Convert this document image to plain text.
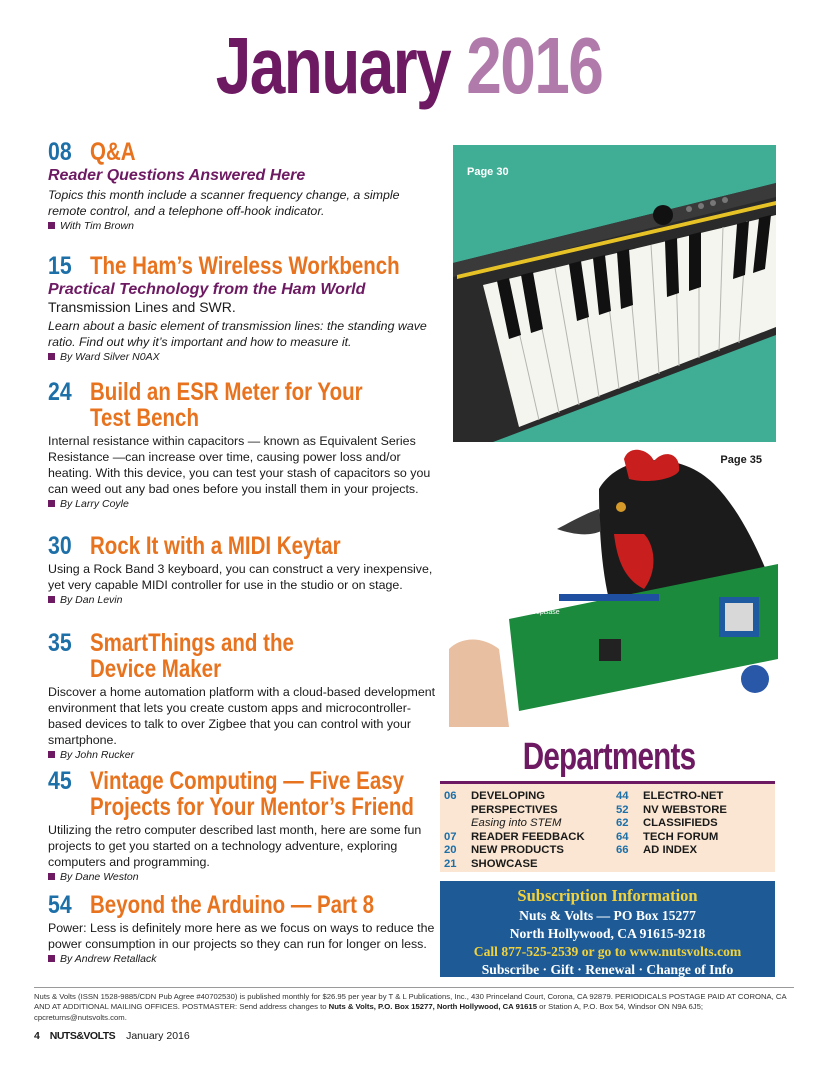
January 2016
08 Q&A
Reader Questions Answered Here
Topics this month include a scanner frequency change, a simple remote control, and a telephone off-hook indicator.
With Tim Brown
15 The Ham’s Wireless Workbench
Practical Technology from the Ham World
Transmission Lines and SWR.
Learn about a basic element of transmission lines: the standing wave ratio. Find out why it’s important and how to measure it.
By Ward Silver N0AX
24 Build an ESR Meter for Your
Test Bench
Internal resistance within capacitors — known as Equivalent Series Resistance —can increase over time, causing power loss and/or heating. With this device, you can test your stash of capacitors so you can weed out any bad ones before you install them in your projects.
By Larry Coyle
30 Rock It with a MIDI Keytar
Using a Rock Band 3 keyboard, you can construct a very inexpensive, yet very capable MIDI controller for use in the studio or on stage.
By Dan Levin
35 SmartThings and the
Device Maker
Discover a home automation platform with a cloud-based development environment that lets you create custom apps and microcontroller-based devices to talk to over Zigbee that you can control with your smartphone.
By John Rucker
45 Vintage Computing — Five Easy
Projects for Your Mentor’s Friend
Utilizing the retro computer described last month, here are some fun projects to get you started on a technology adventure, exploring computers and programming.
By Dane Weston
54 Beyond the Arduino — Part 8
Power: Less is definitely more here as we focus on ways to reduce the power consumption in our projects so they can run for longer on less.
By Andrew Retallack
Page 30
Page 35
DeepBase
Departments
06	DEVELOPING
PERSPECTIVES
Easing into STEM
07	READER FEEDBACK
20	NEW PRODUCTS
21	SHOWCASE
44	ELECTRO-NET
52	NV WEBSTORE
62	CLASSIFIEDS
64	TECH FORUM
66	AD INDEX
Subscription Information
Nuts & Volts — PO Box 15277
North Hollywood, CA 91615-9218
Call 877-525-2539 or go to www.nutsvolts.com
Subscribe · Gift · Renewal · Change of Info
Nuts & Volts (ISSN 1528-9885/CDN Pub Agree #40702530) is published monthly for $26.95 per year by T & L Publications, Inc., 430 Princeland Court, Corona, CA 92879. PERIODICALS POSTAGE PAID AT CORONA, CA AND AT ADDITIONAL MAILING OFFICES. POSTMASTER: Send address changes to Nuts & Volts, P.O. Box 15277, North Hollywood, CA 91615 or Station A, P.O. Box 54, Windsor ON N9A 6J5; cpcreturns@nutsvolts.com.
4 NUTS&VOLTS January 2016
